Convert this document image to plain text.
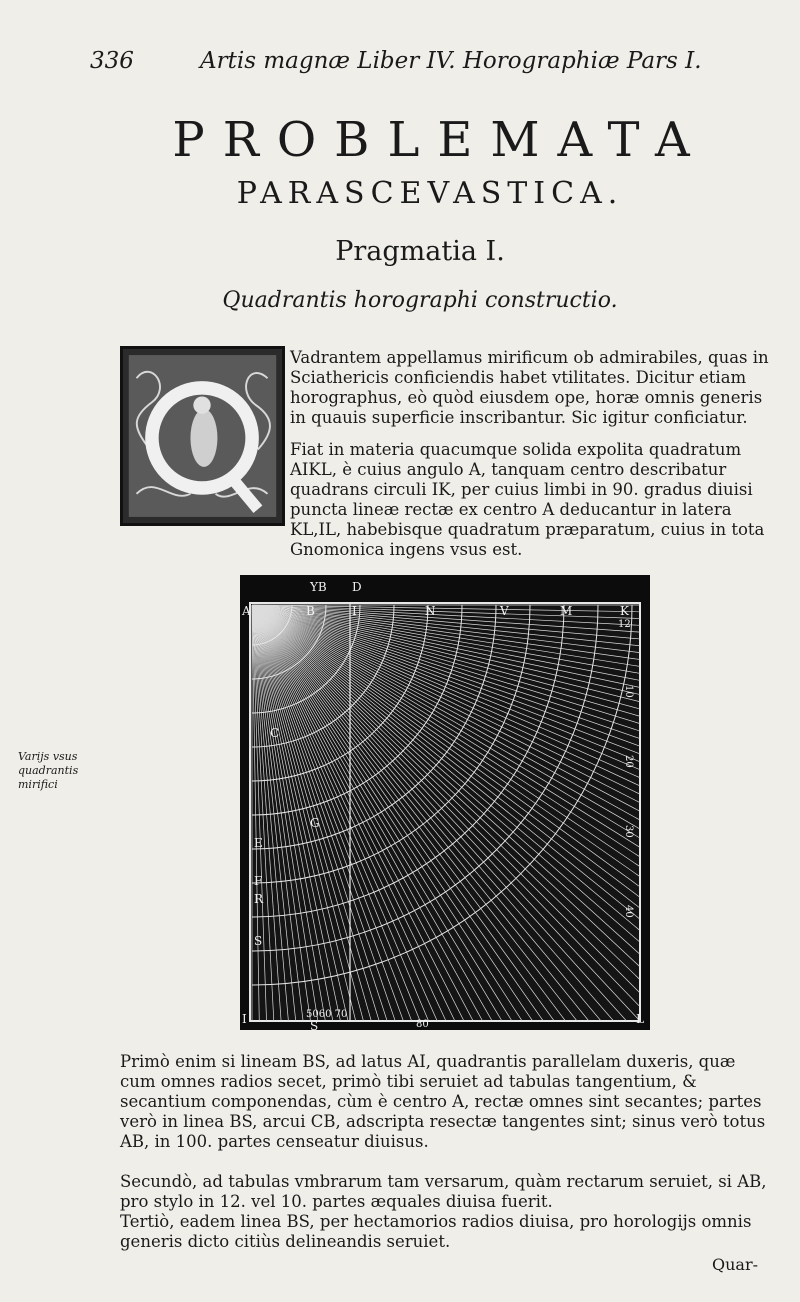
336	Artis magnæ Liber IV. Horographiæ Pars I.
PROBLEMATA
PARASCEVASTICA.
Pragmatia I.
Quadrantis horographi constructio.
Vadrantem appellamus mirificum ob admirabiles, quas in Sciathericis conficiendis habet vtilitates. Dicitur etiam horographus, eò quòd eiusdem ope, horæ omnis generis in quauis superficie inscribantur. Sic igitur conficiatur.
Fiat in materia quacumque solida expolita quadratum AIKL, è cuius angulo A, tanquam centro describatur quadrans circuli IK, per cuius limbi in 90. gradus diuisi puncta lineæ rectæ ex centro A deducantur in latera KL,IL, habebisque quadratum præparatum, cuius in tota Gnomonica ingens vsus est.
Varijs vsus quadrantis mirifici
YB D
A	B	I	N	V	M	K
C
G
E
F
R
S
I	S	L
5060 70
80
12
10
20
30
40
Primò enim si lineam BS, ad latus AI, quadrantis parallelam duxeris, quæ cum omnes radios secet, primò tibi seruiet ad tabulas tangentium, & secantium componendas, cùm è centro A, rectæ omnes sint secantes; partes verò in linea BS, arcui CB, adscripta resectæ tangentes sint; sinus verò totus AB, in 100. partes censeatur diuisus.
Secundò, ad tabulas vmbrarum tam versarum, quàm rectarum seruiet, si AB, pro stylo in 12. vel 10. partes æquales diuisa fuerit.
Tertiò, eadem linea BS, per hectamorios radios diuisa, pro horologijs omnis generis dicto citiùs delineandis seruiet.
Quar-
